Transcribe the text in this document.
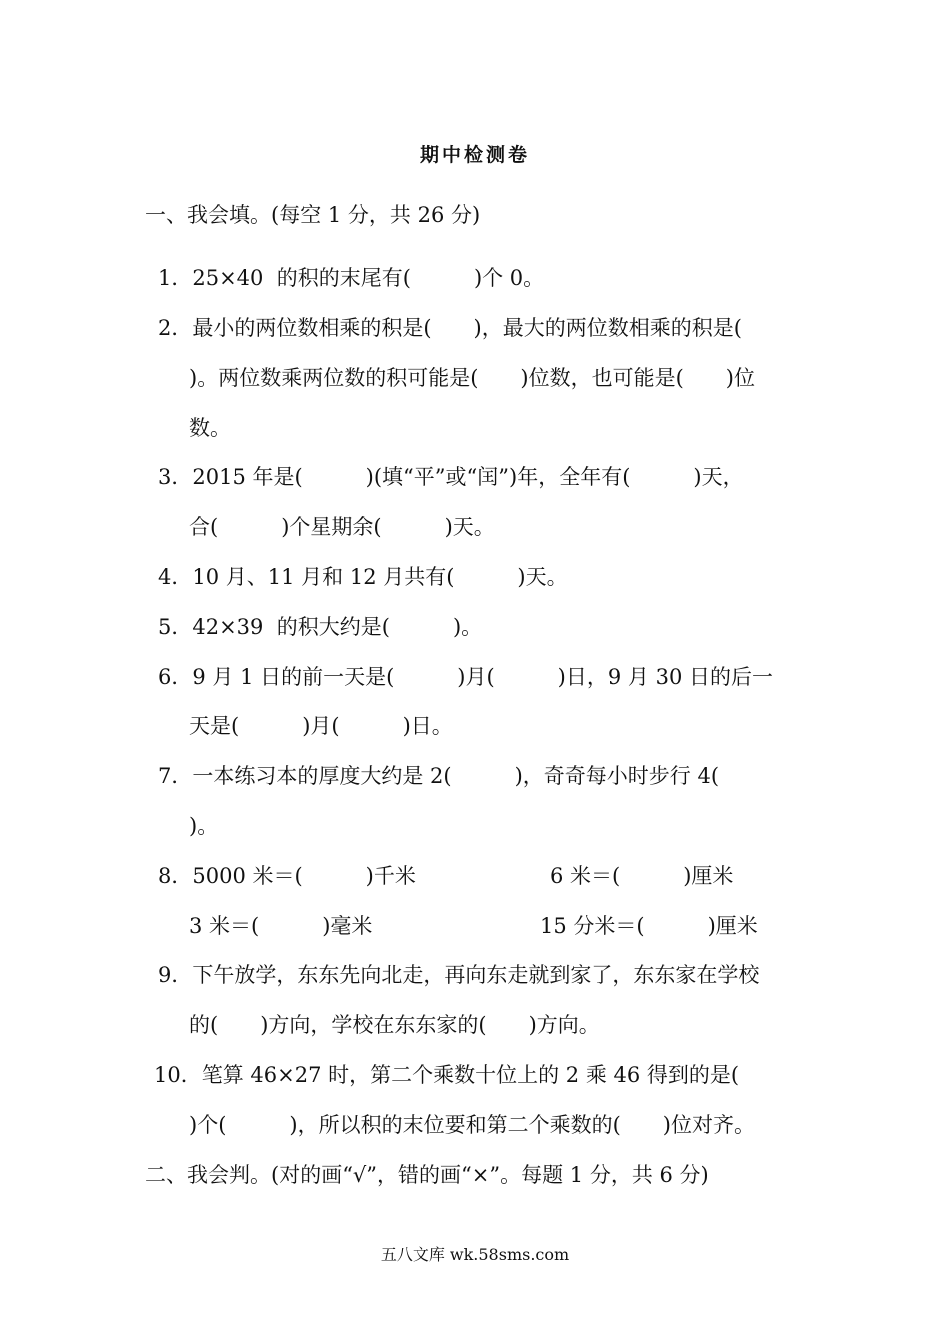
期中检测卷
一、我会填。(每空 1 分，共 26 分)
1．25×40  的积的末尾有(　　　)个 0。
2．最小的两位数相乘的积是(　　)，最大的两位数相乘的积是(
)。两位数乘两位数的积可能是(　　)位数，也可能是(　　)位
数。
3．2015 年是(　　　)(填“平”或“闰”)年，全年有(　　　)天，
合(　　　)个星期余(　　　)天。
4．10 月、11 月和 12 月共有(　　　)天。
5．42×39  的积大约是(　　　)。
6．9 月 1 日的前一天是(　　　)月(　　　)日，9 月 30 日的后一
天是(　　　)月(　　　)日。
7．一本练习本的厚度大约是 2(　　　)，奇奇每小时步行 4(
)。
8．5000 米＝(　　　)千米	6 米＝(　　　)厘米
3 米＝(　　　)毫米	15 分米＝(　　　)厘米
9．下午放学，东东先向北走，再向东走就到家了，东东家在学校
的(　　)方向，学校在东东家的(　　)方向。
10．笔算 46×27 时，第二个乘数十位上的 2 乘 46 得到的是(
)个(　　　)，所以积的末位要和第二个乘数的(　　)位对齐。
二、我会判。(对的画“√”，错的画“×”。每题 1 分，共 6 分)
五八文库 wk.58sms.com
